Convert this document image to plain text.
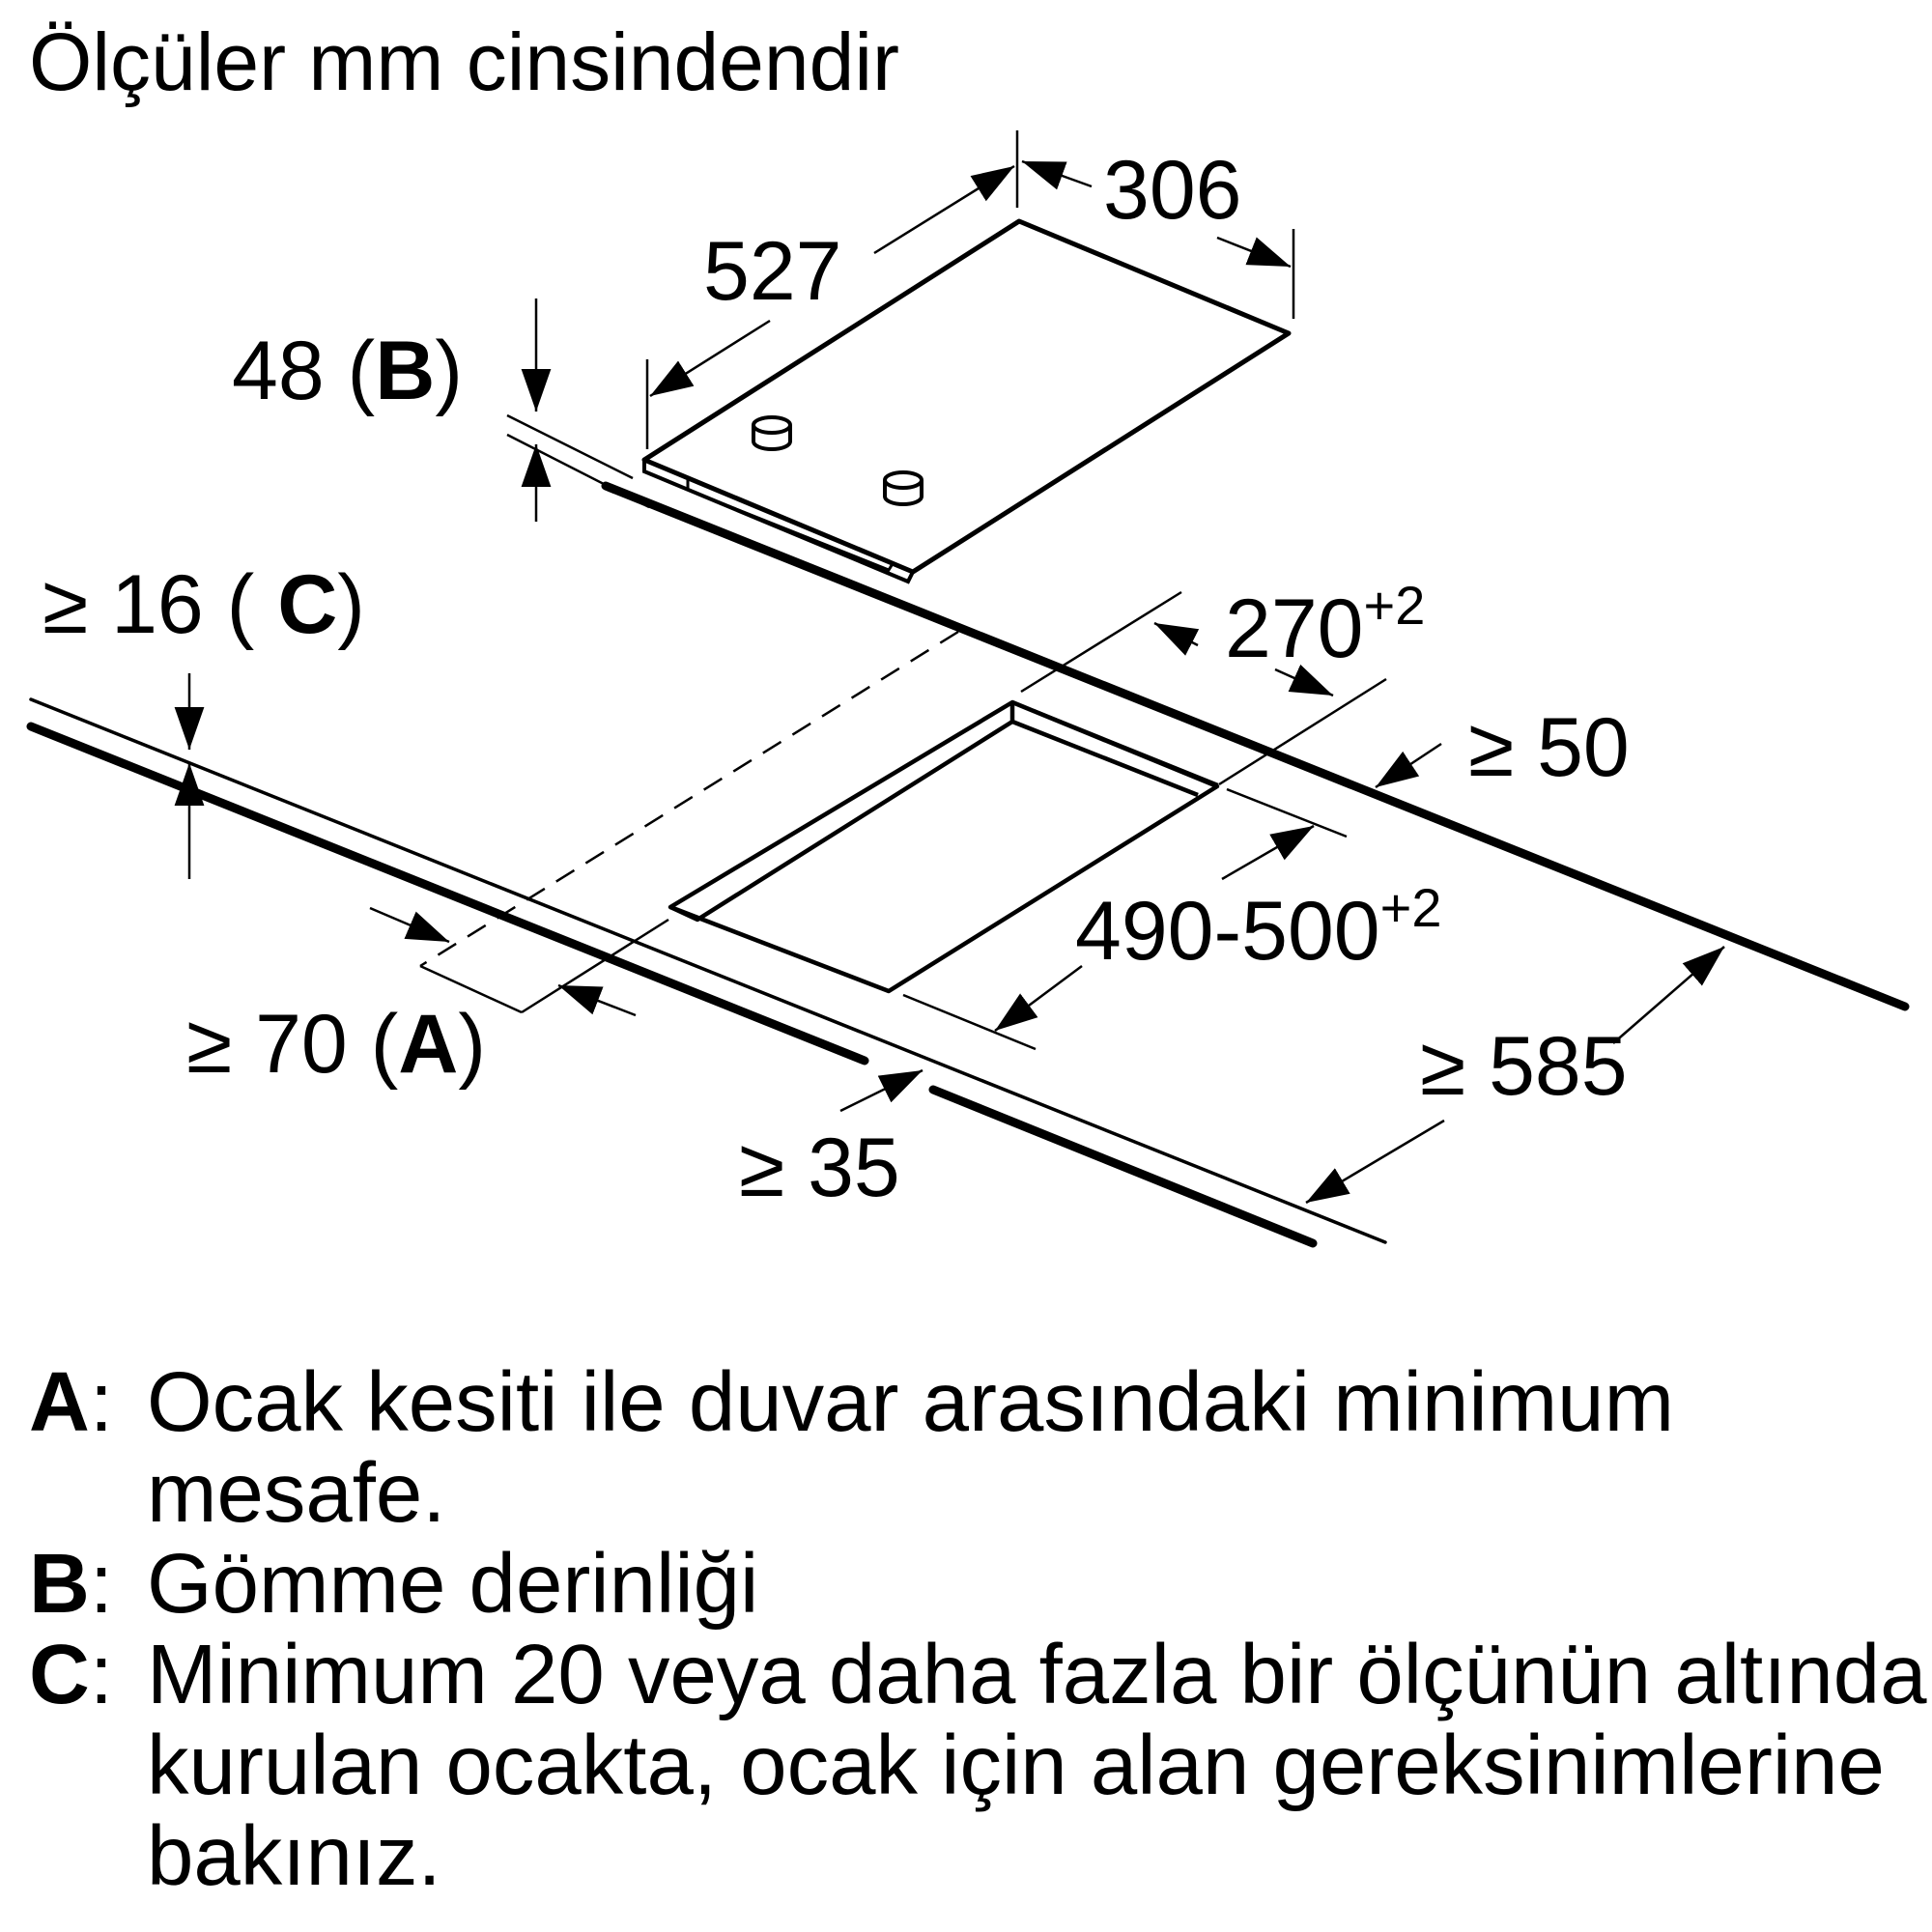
Ölçüler mm cinsindendir
527
306
48 (B)
≥ 16 ( C)	$270^{+2}$
≥ 50
$490-500^{+2}$
≥ 70 (A)	≥ 585
≥ 35
A: Ocak kesiti ile duvar arasındaki minimum mesafe.
B: Gömme derinliği
C: Minimum 20 veya daha fazla bir ölçünün altında kurulan ocakta, ocak için alan gereksinimlerine bakınız.
